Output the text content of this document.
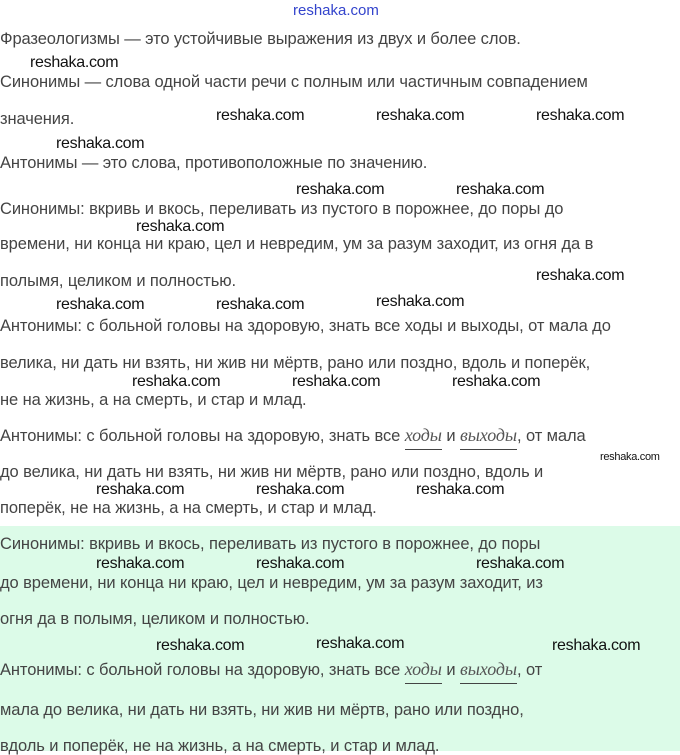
reshaka.com
Фразеологизмы — это устойчивые выражения из двух и более слов.
Синонимы — слова одной части речи с полным или частичным совпадением
значения.
Антонимы — это слова, противоположные по значению.
Синонимы: вкривь и вкось, переливать из пустого в порожнее, до поры до
времени, ни конца ни краю, цел и невредим, ум за разум заходит, из огня да в
полымя, целиком и полностью.
Антонимы: с больной головы на здоровую, знать все ходы и выходы, от мала до
велика, ни дать ни взять, ни жив ни мёртв, рано или поздно, вдоль и поперёк,
не на жизнь, а на смерть, и стар и млад.
Антонимы: с больной головы на здоровую, знать все ходы и выходы, от мала
до велика, ни дать ни взять, ни жив ни мёртв, рано или поздно, вдоль и
поперёк, не на жизнь, а на смерть, и стар и млад.
Синонимы: вкривь и вкось, переливать из пустого в порожнее, до поры
до времени, ни конца ни краю, цел и невредим, ум за разум заходит, из
огня да в полымя, целиком и полностью.
Антонимы: с больной головы на здоровую, знать все ходы и выходы, от
мала до велика, ни дать ни взять, ни жив ни мёртв, рано или поздно,
вдоль и поперёк, не на жизнь, а на смерть, и стар и млад.
reshaka.com
reshaka.com	reshaka.com	reshaka.com
reshaka.com
reshaka.com	reshaka.com
reshaka.com
reshaka.com
reshaka.com	reshaka.com	reshaka.com
reshaka.com	reshaka.com	reshaka.com
reshaka.com
reshaka.com	reshaka.com	reshaka.com
reshaka.com	reshaka.com	reshaka.com
reshaka.com	reshaka.com	reshaka.com
